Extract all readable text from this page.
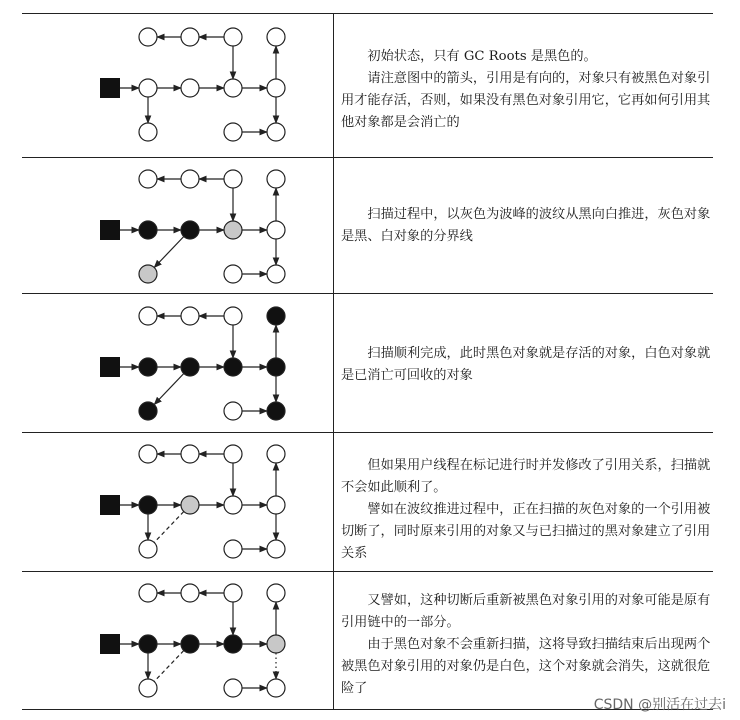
初始状态，只有 GC Roots 是黑色的。

请注意图中的箭头，引用是有向的，对象只有被黑色对象引用才能存活，否则，如果没有黑色对象引用它，它再如何引用其他对象都是会消亡的

扫描过程中，以灰色为波峰的波纹从黑向白推进，灰色对象是黑、白对象的分界线

扫描顺利完成，此时黑色对象就是存活的对象，白色对象就是已消亡可回收的对象

但如果用户线程在标记进行时并发修改了引用关系，扫描就不会如此顺利了。

譬如在波纹推进过程中，正在扫描的灰色对象的一个引用被切断了，同时原来引用的对象又与已扫描过的黑对象建立了引用关系

又譬如，这种切断后重新被黑色对象引用的对象可能是原有引用链中的一部分。

由于黑色对象不会重新扫描，这将导致扫描结束后出现两个被黑色对象引用的对象仍是白色，这个对象就会消失，这就很危险了

CSDN @别活在过去i
